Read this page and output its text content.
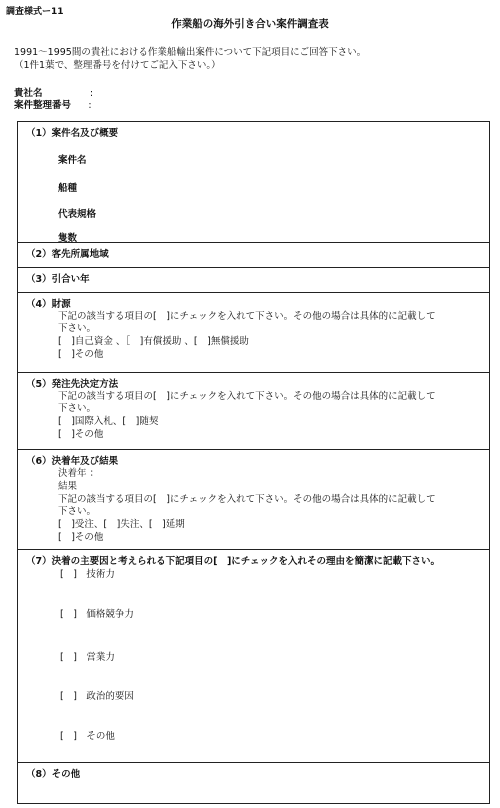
調査様式ー11
作業船の海外引き合い案件調査表
1991～1995間の貴社における作業船輸出案件について下記項目にご回答下さい。
（1件1葉で、整理番号を付けてご記入下さい。）
貴社名	:
案件整理番号 :
（1）案件名及び概要
案件名
船種
代表規格
隻数
（2）客先所属地域
（3）引合い年
（4）財源
下記の該当する項目の[　]にチェックを入れて下さい。その他の場合は具体的に記載して
下さい。
[　]自己資金 、［　]有償援助 、[　]無償援助
[　]その他
（5）発注先決定方法
下記の該当する項目の[　]にチェックを入れて下さい。その他の場合は具体的に記載して
下さい。
[　]国際入札、[　]随契
[　]その他
（6）決着年及び結果
決着年 ：
結果
下記の該当する項目の[　]にチェックを入れて下さい。その他の場合は具体的に記載して
下さい。
[　]受注、[　]失注、[　]延期
[　]その他
（7）決着の主要因と考えられる下記項目の[　]にチェックを入れその理由を簡潔に記載下さい。
[　]　技術力
[　]　価格競争力
[　]　営業力
[　]　政治的要因
[　]　その他
（8）その他
